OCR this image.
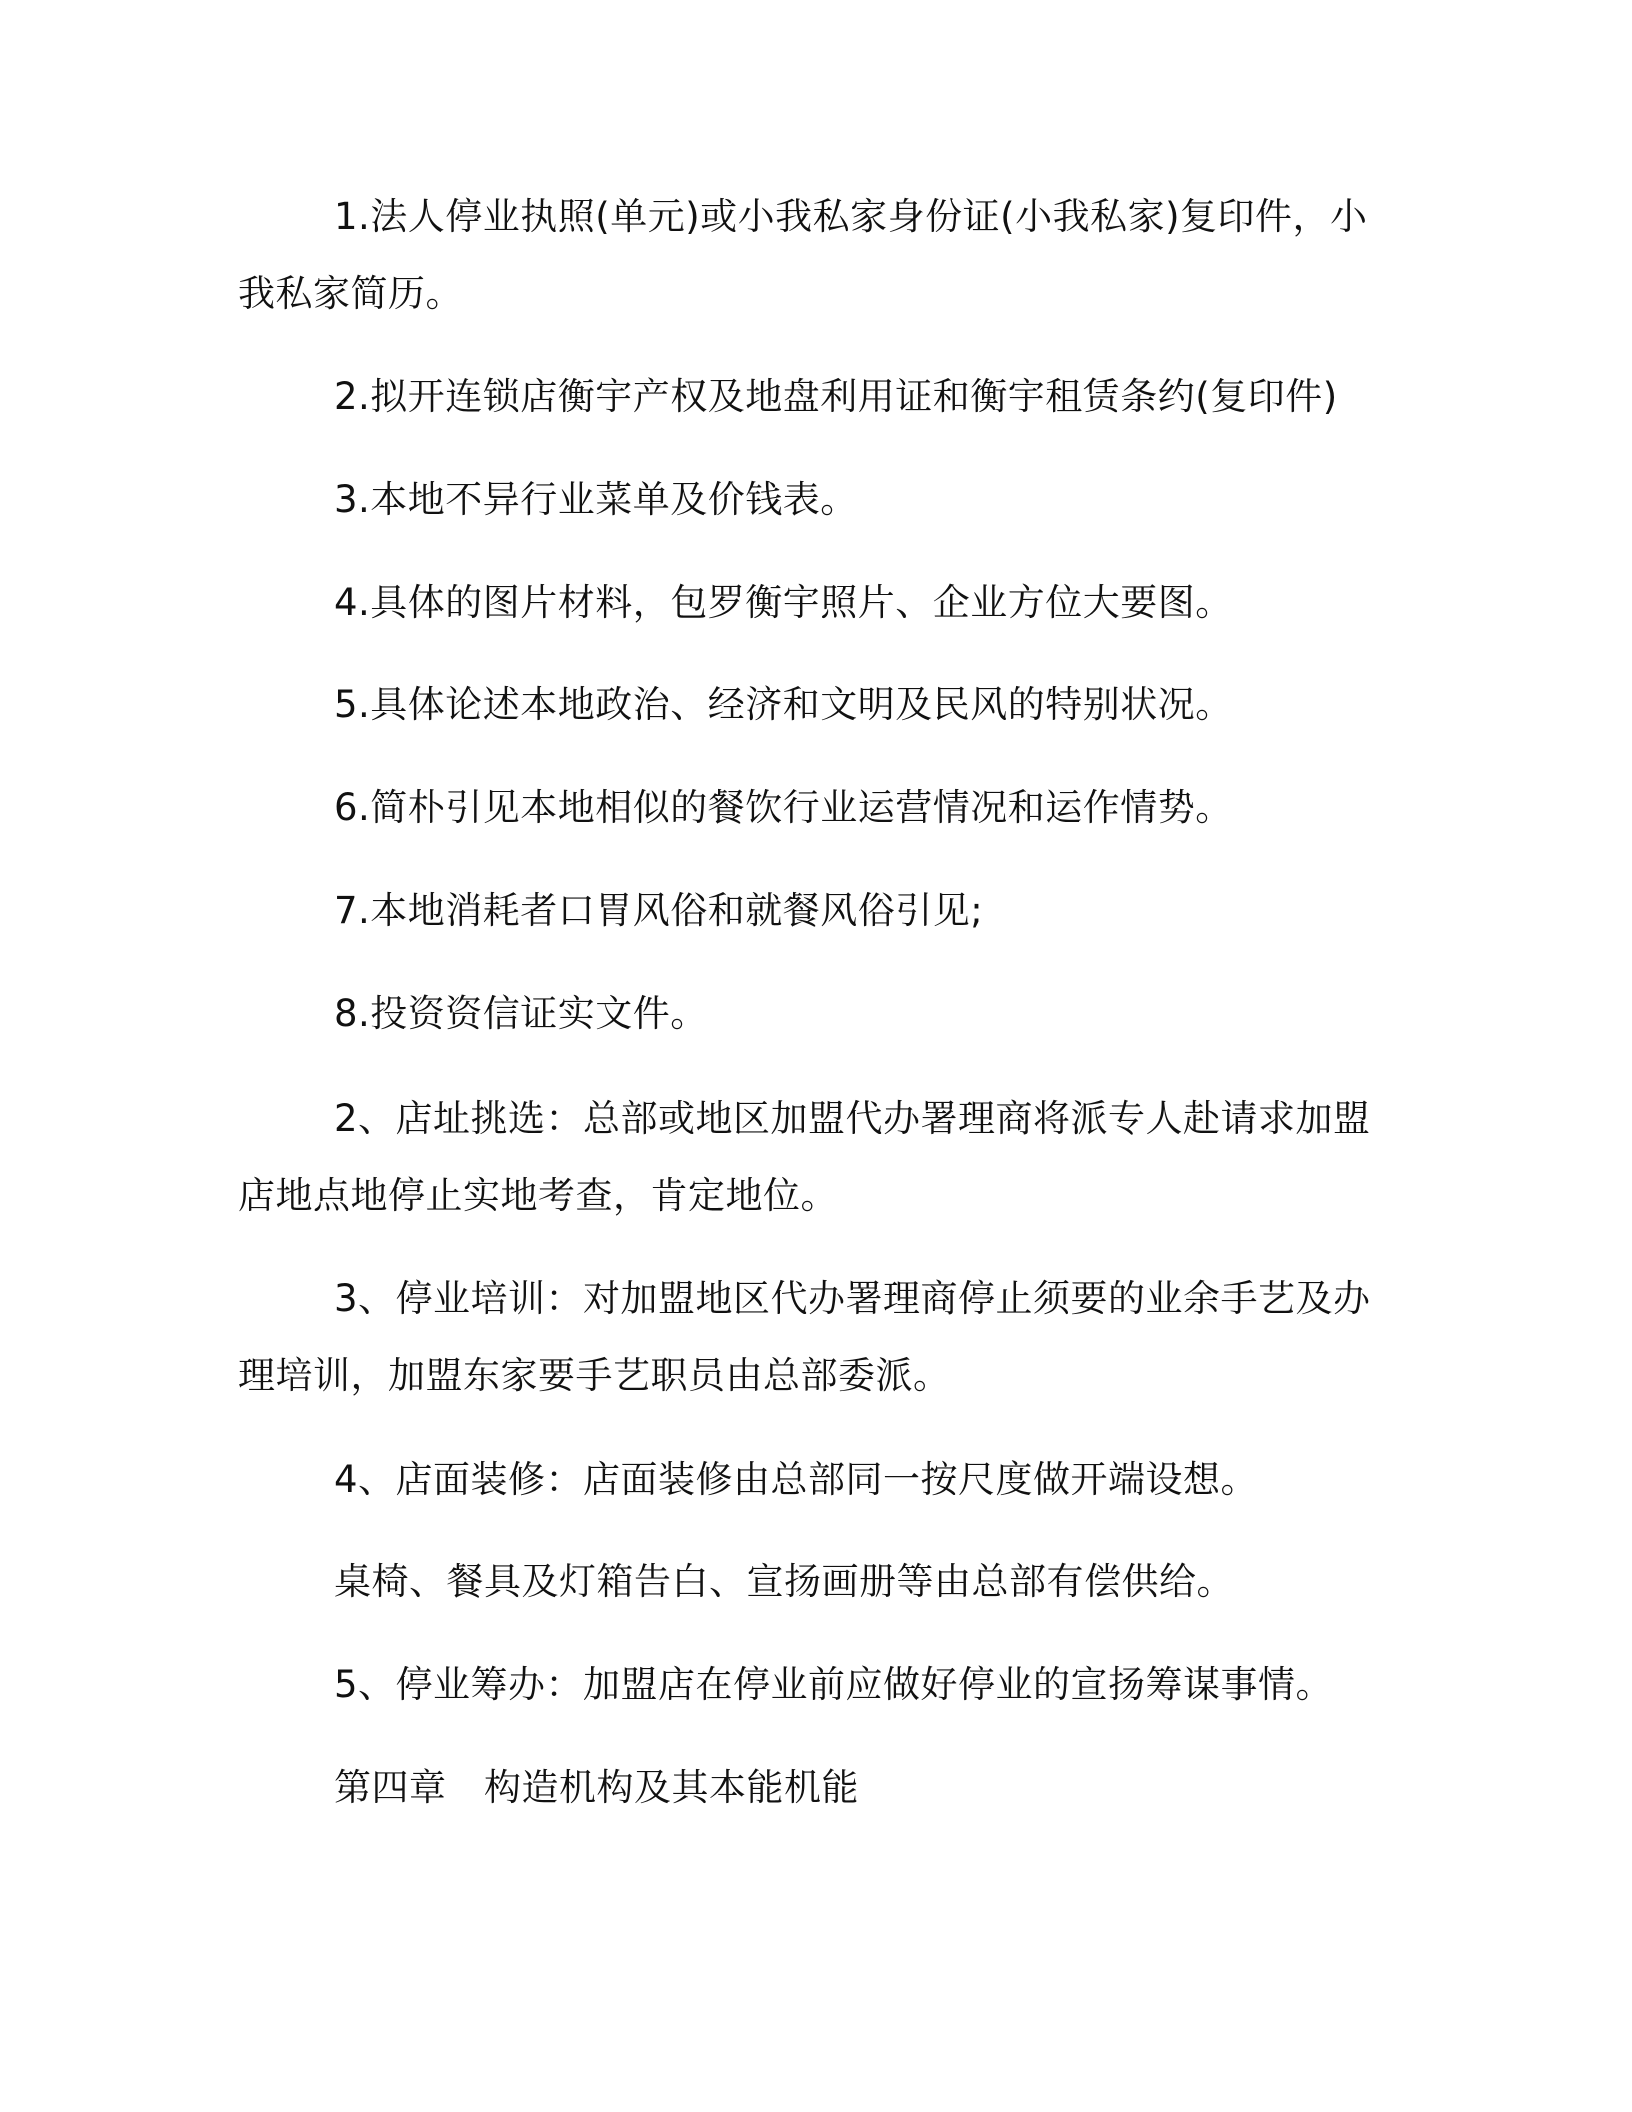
1.法人停业执照(单元)或小我私家身份证(小我私家)复印件，小我私家简历。

2.拟开连锁店衡宇产权及地盘利用证和衡宇租赁条约(复印件)

3.本地不异行业菜单及价钱表。

4.具体的图片材料，包罗衡宇照片、企业方位大要图。

5.具体论述本地政治、经济和文明及民风的特别状况。

6.简朴引见本地相似的餐饮行业运营情况和运作情势。

7.本地消耗者口胃风俗和就餐风俗引见;

8.投资资信证实文件。

2、店址挑选：总部或地区加盟代办署理商将派专人赴请求加盟店地点地停止实地考查，肯定地位。

3、停业培训：对加盟地区代办署理商停止须要的业余手艺及办理培训，加盟东家要手艺职员由总部委派。

4、店面装修：店面装修由总部同一按尺度做开端设想。

桌椅、餐具及灯箱告白、宣扬画册等由总部有偿供给。

5、停业筹办：加盟店在停业前应做好停业的宣扬筹谋事情。

第四章　构造机构及其本能机能
